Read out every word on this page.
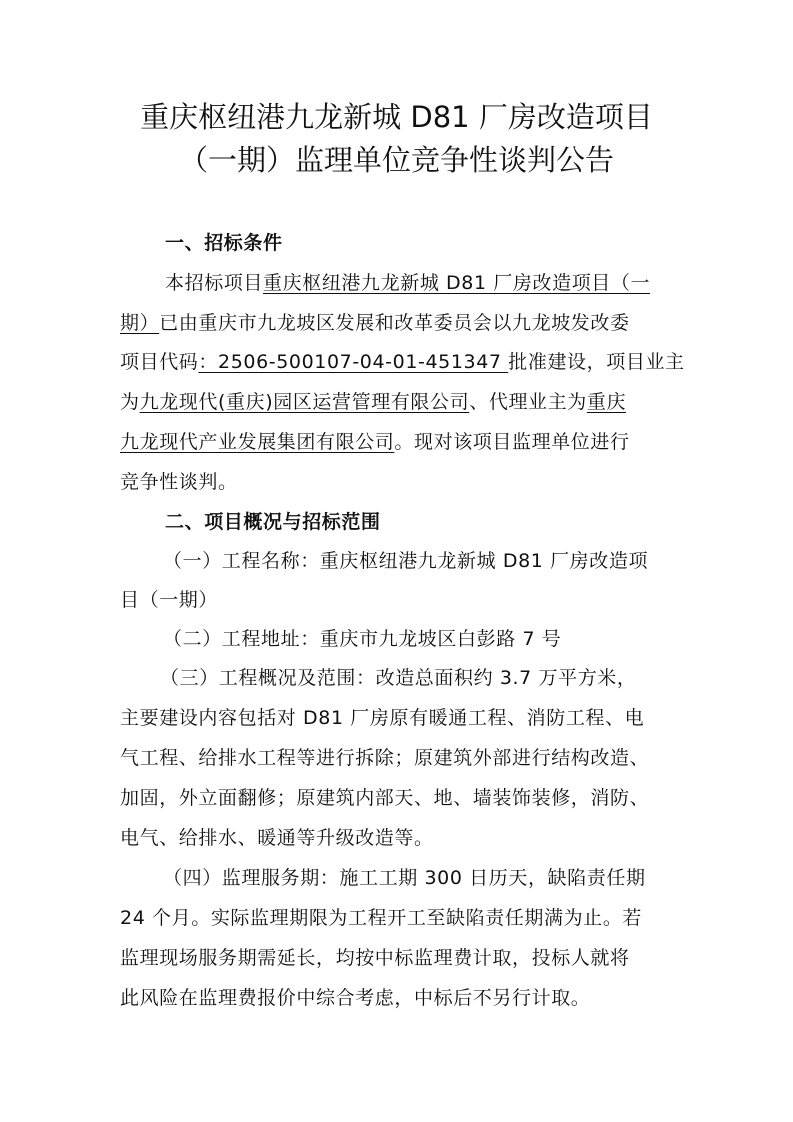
重庆枢纽港九龙新城 D81 厂房改造项目
（一期）监理单位竞争性谈判公告
一、招标条件
本招标项目重庆枢纽港九龙新城 D81 厂房改造项目（一
期）已由重庆市九龙坡区发展和改革委员会以九龙坡发改委
项目代码：2506-500107-04-01-451347 批准建设，项目业主
为九龙现代(重庆)园区运营管理有限公司、代理业主为重庆
九龙现代产业发展集团有限公司。现对该项目监理单位进行
竞争性谈判。
二、项目概况与招标范围
（一）工程名称：重庆枢纽港九龙新城 D81 厂房改造项
目（一期）
（二）工程地址：重庆市九龙坡区白彭路 7 号
（三）工程概况及范围：改造总面积约 3.7 万平方米，
主要建设内容包括对 D81 厂房原有暖通工程、消防工程、电
气工程、给排水工程等进行拆除；原建筑外部进行结构改造、
加固，外立面翻修；原建筑内部天、地、墙装饰装修，消防、
电气、给排水、暖通等升级改造等。
（四）监理服务期：施工工期 300 日历天，缺陷责任期
24 个月。实际监理期限为工程开工至缺陷责任期满为止。若
监理现场服务期需延长，均按中标监理费计取，投标人就将
此风险在监理费报价中综合考虑，中标后不另行计取。
